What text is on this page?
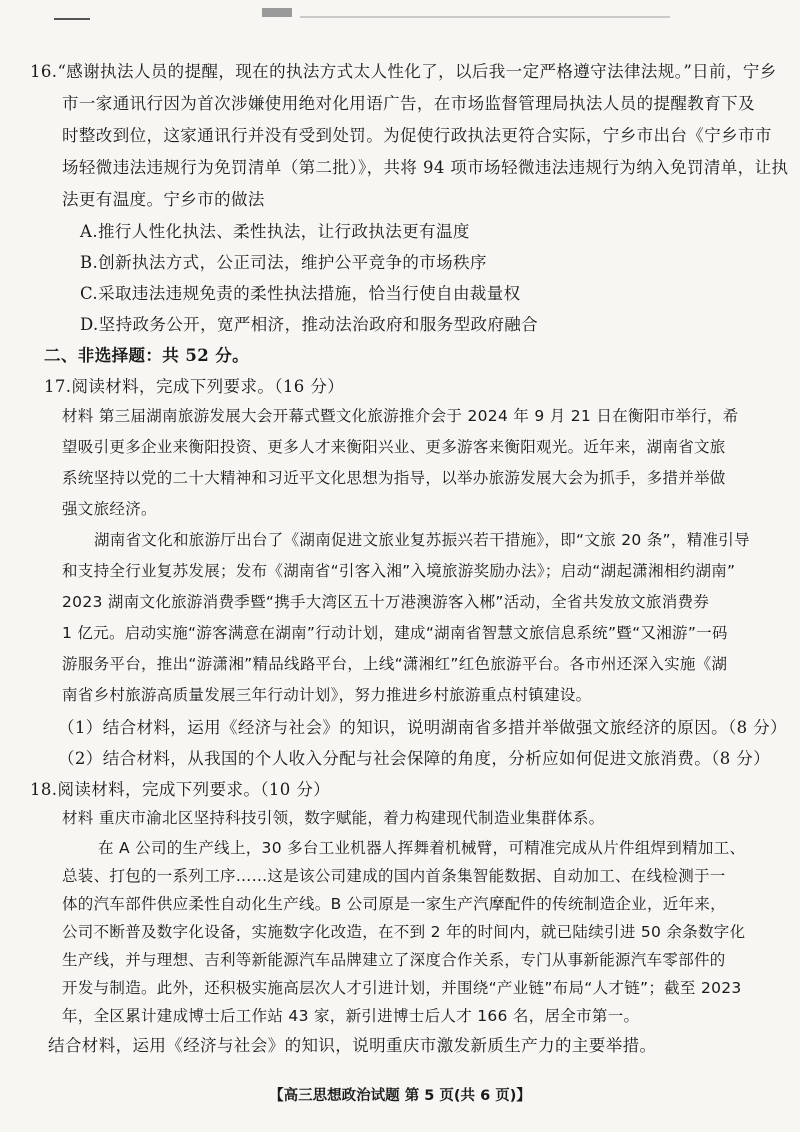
16.“感谢执法人员的提醒，现在的执法方式太人性化了，以后我一定严格遵守法律法规。”日前，宁乡
市一家通讯行因为首次涉嫌使用绝对化用语广告，在市场监督管理局执法人员的提醒教育下及
时整改到位，这家通讯行并没有受到处罚。为促使行政执法更符合实际，宁乡市出台《宁乡市市
场轻微违法违规行为免罚清单（第二批）》，共将 94 项市场轻微违法违规行为纳入免罚清单，让执
法更有温度。宁乡市的做法
A.推行人性化执法、柔性执法，让行政执法更有温度
B.创新执法方式，公正司法，维护公平竞争的市场秩序
C.采取违法违规免责的柔性执法措施，恰当行使自由裁量权
D.坚持政务公开，宽严相济，推动法治政府和服务型政府融合
二、非选择题：共 52 分。
17.阅读材料，完成下列要求。（16 分）
材料 第三届湖南旅游发展大会开幕式暨文化旅游推介会于 2024 年 9 月 21 日在衡阳市举行，希
望吸引更多企业来衡阳投资、更多人才来衡阳兴业、更多游客来衡阳观光。近年来，湖南省文旅
系统坚持以党的二十大精神和习近平文化思想为指导，以举办旅游发展大会为抓手，多措并举做
强文旅经济。
湖南省文化和旅游厅出台了《湖南促进文旅业复苏振兴若干措施》，即“文旅 20 条”，精准引导
和支持全行业复苏发展；发布《湖南省“引客入湘”入境旅游奖励办法》；启动“湖起潇湘相约湖南”
2023 湖南文化旅游消费季暨“携手大湾区五十万港澳游客入郴”活动，全省共发放文旅消费券
1 亿元。启动实施“游客满意在湖南”行动计划，建成“湖南省智慧文旅信息系统”暨“又湘游”一码
游服务平台，推出“游潇湘”精品线路平台，上线“潇湘红”红色旅游平台。各市州还深入实施《湖
南省乡村旅游高质量发展三年行动计划》，努力推进乡村旅游重点村镇建设。
（1）结合材料，运用《经济与社会》的知识，说明湖南省多措并举做强文旅经济的原因。（8 分）
（2）结合材料，从我国的个人收入分配与社会保障的角度，分析应如何促进文旅消费。（8 分）
18.阅读材料，完成下列要求。（10 分）
材料 重庆市渝北区坚持科技引领，数字赋能，着力构建现代制造业集群体系。
在 A 公司的生产线上，30 多台工业机器人挥舞着机械臂，可精准完成从片件组焊到精加工、
总装、打包的一系列工序……这是该公司建成的国内首条集智能数据、自动加工、在线检测于一
体的汽车部件供应柔性自动化生产线。B 公司原是一家生产汽摩配件的传统制造企业，近年来，
公司不断普及数字化设备，实施数字化改造，在不到 2 年的时间内，就已陆续引进 50 余条数字化
生产线，并与理想、吉利等新能源汽车品牌建立了深度合作关系，专门从事新能源汽车零部件的
开发与制造。此外，还积极实施高层次人才引进计划，并围绕“产业链”布局“人才链”；截至 2023
【高三思想政治试题 第 5 页(共 6 页)】
年，全区累计建成博士后工作站 43 家，新引进博士后人才 166 名，居全市第一。
结合材料，运用《经济与社会》的知识，说明重庆市激发新质生产力的主要举措。
